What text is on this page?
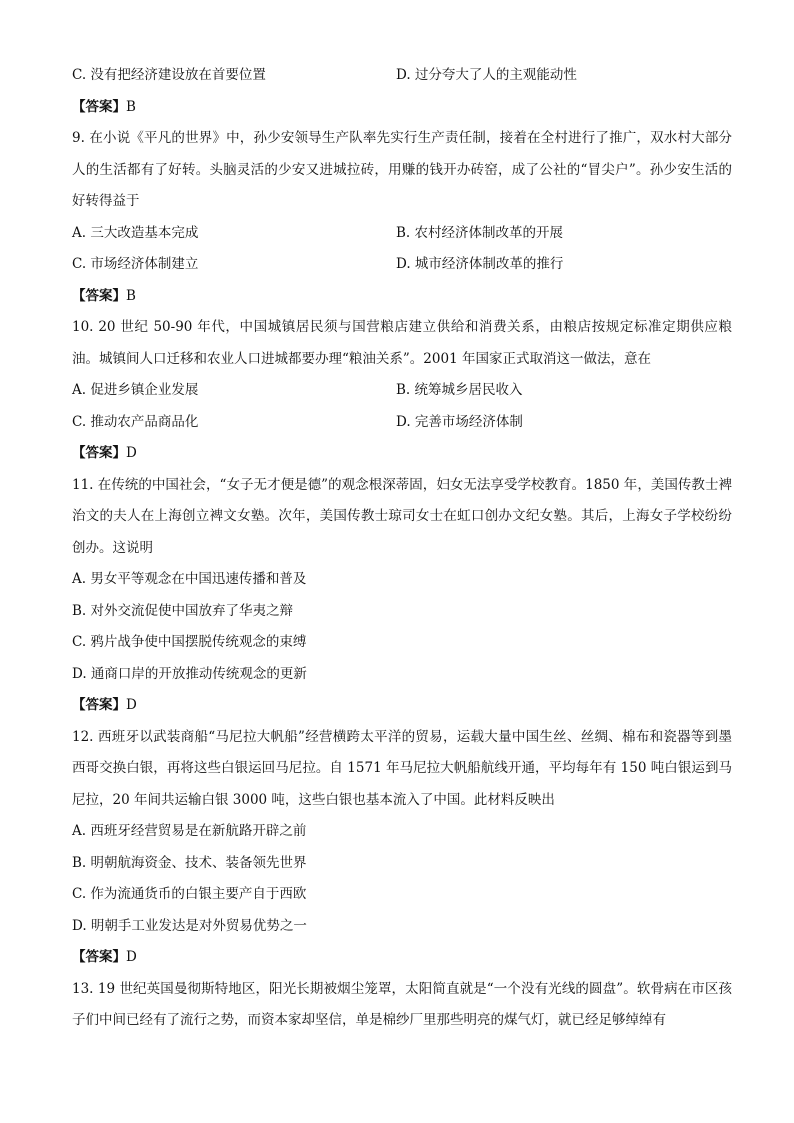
C. 没有把经济建设放在首要位置	D. 过分夸大了人的主观能动性
【答案】B
9. 在小说《平凡的世界》中，孙少安领导生产队率先实行生产责任制，接着在全村进行了推广，双水村大部分人的生活都有了好转。头脑灵活的少安又进城拉砖，用赚的钱开办砖窑，成了公社的“冒尖户”。孙少安生活的好转得益于
A. 三大改造基本完成	B. 农村经济体制改革的开展
C. 市场经济体制建立	D. 城市经济体制改革的推行
【答案】B
10. 20 世纪 50-90 年代，中国城镇居民须与国营粮店建立供给和消费关系，由粮店按规定标准定期供应粮油。城镇间人口迁移和农业人口进城都要办理“粮油关系”。2001 年国家正式取消这一做法，意在
A. 促进乡镇企业发展	B. 统筹城乡居民收入
C. 推动农产品商品化	D. 完善市场经济体制
【答案】D
11. 在传统的中国社会，“女子无才便是德”的观念根深蒂固，妇女无法享受学校教育。1850 年，美国传教士裨治文的夫人在上海创立裨文女塾。次年，美国传教士琼司女士在虹口创办文纪女塾。其后，上海女子学校纷纷创办。这说明
A. 男女平等观念在中国迅速传播和普及
B. 对外交流促使中国放弃了华夷之辩
C. 鸦片战争使中国摆脱传统观念的束缚
D. 通商口岸的开放推动传统观念的更新
【答案】D
12. 西班牙以武装商船“马尼拉大帆船”经营横跨太平洋的贸易，运载大量中国生丝、丝绸、棉布和瓷器等到墨西哥交换白银，再将这些白银运回马尼拉。自 1571 年马尼拉大帆船航线开通，平均每年有 150 吨白银运到马尼拉，20 年间共运输白银 3000 吨，这些白银也基本流入了中国。此材料反映出
A. 西班牙经营贸易是在新航路开辟之前
B. 明朝航海资金、技术、装备领先世界
C. 作为流通货币的白银主要产自于西欧
D. 明朝手工业发达是对外贸易优势之一
【答案】D
13. 19 世纪英国曼彻斯特地区，阳光长期被烟尘笼罩，太阳简直就是“一个没有光线的圆盘”。软骨病在市区孩子们中间已经有了流行之势，而资本家却坚信，单是棉纱厂里那些明亮的煤气灯，就已经足够绰绰有
